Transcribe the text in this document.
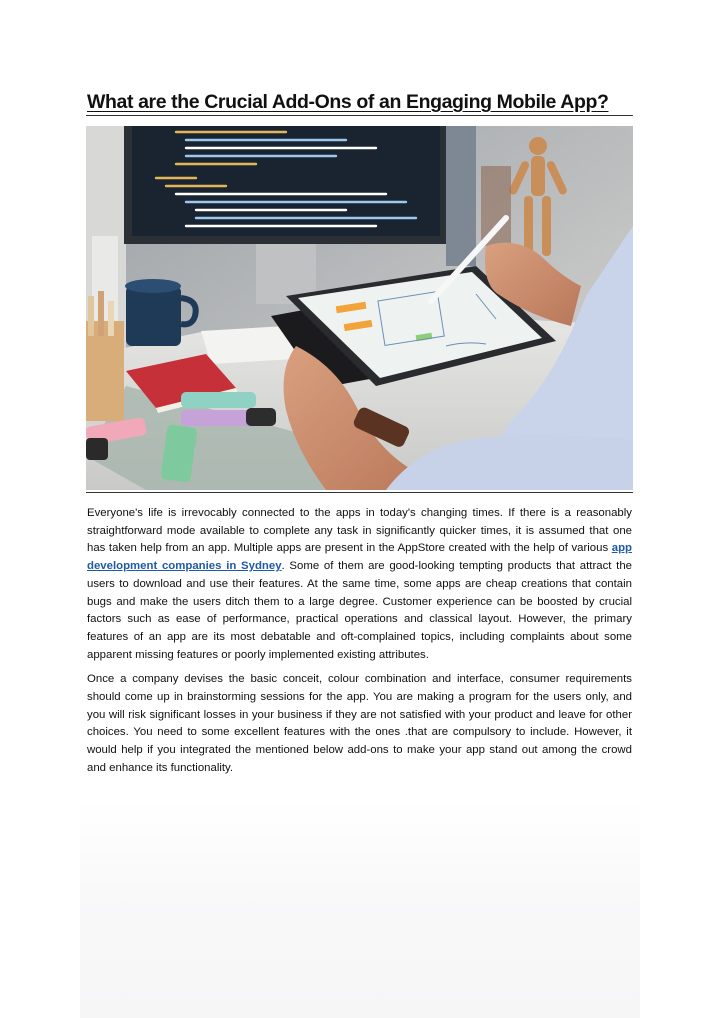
What are the Crucial Add-Ons of an Engaging Mobile App?

Everyone's life is irrevocably connected to the apps in today's changing times. If there is a reasonably straightforward mode available to complete any task in significantly quicker times, it is assumed that one has taken help from an app. Multiple apps are present in the AppStore created with the help of various app development companies in Sydney. Some of them are good-looking tempting products that attract the users to download and use their features. At the same time, some apps are cheap creations that contain bugs and make the users ditch them to a large degree. Customer experience can be boosted by crucial factors such as ease of performance, practical operations and classical layout. However, the primary features of an app are its most debatable and oft-complained topics, including complaints about some apparent missing features or poorly implemented existing attributes.

Once a company devises the basic conceit, colour combination and interface, consumer requirements should come up in brainstorming sessions for the app. You are making a program for the users only, and you will risk significant losses in your business if they are not satisfied with your product and leave for other choices. You need to some excellent features with the ones .that are compulsory to include. However, it would help if you integrated the mentioned below add-ons to make your app stand out among the crowd and enhance its functionality.
